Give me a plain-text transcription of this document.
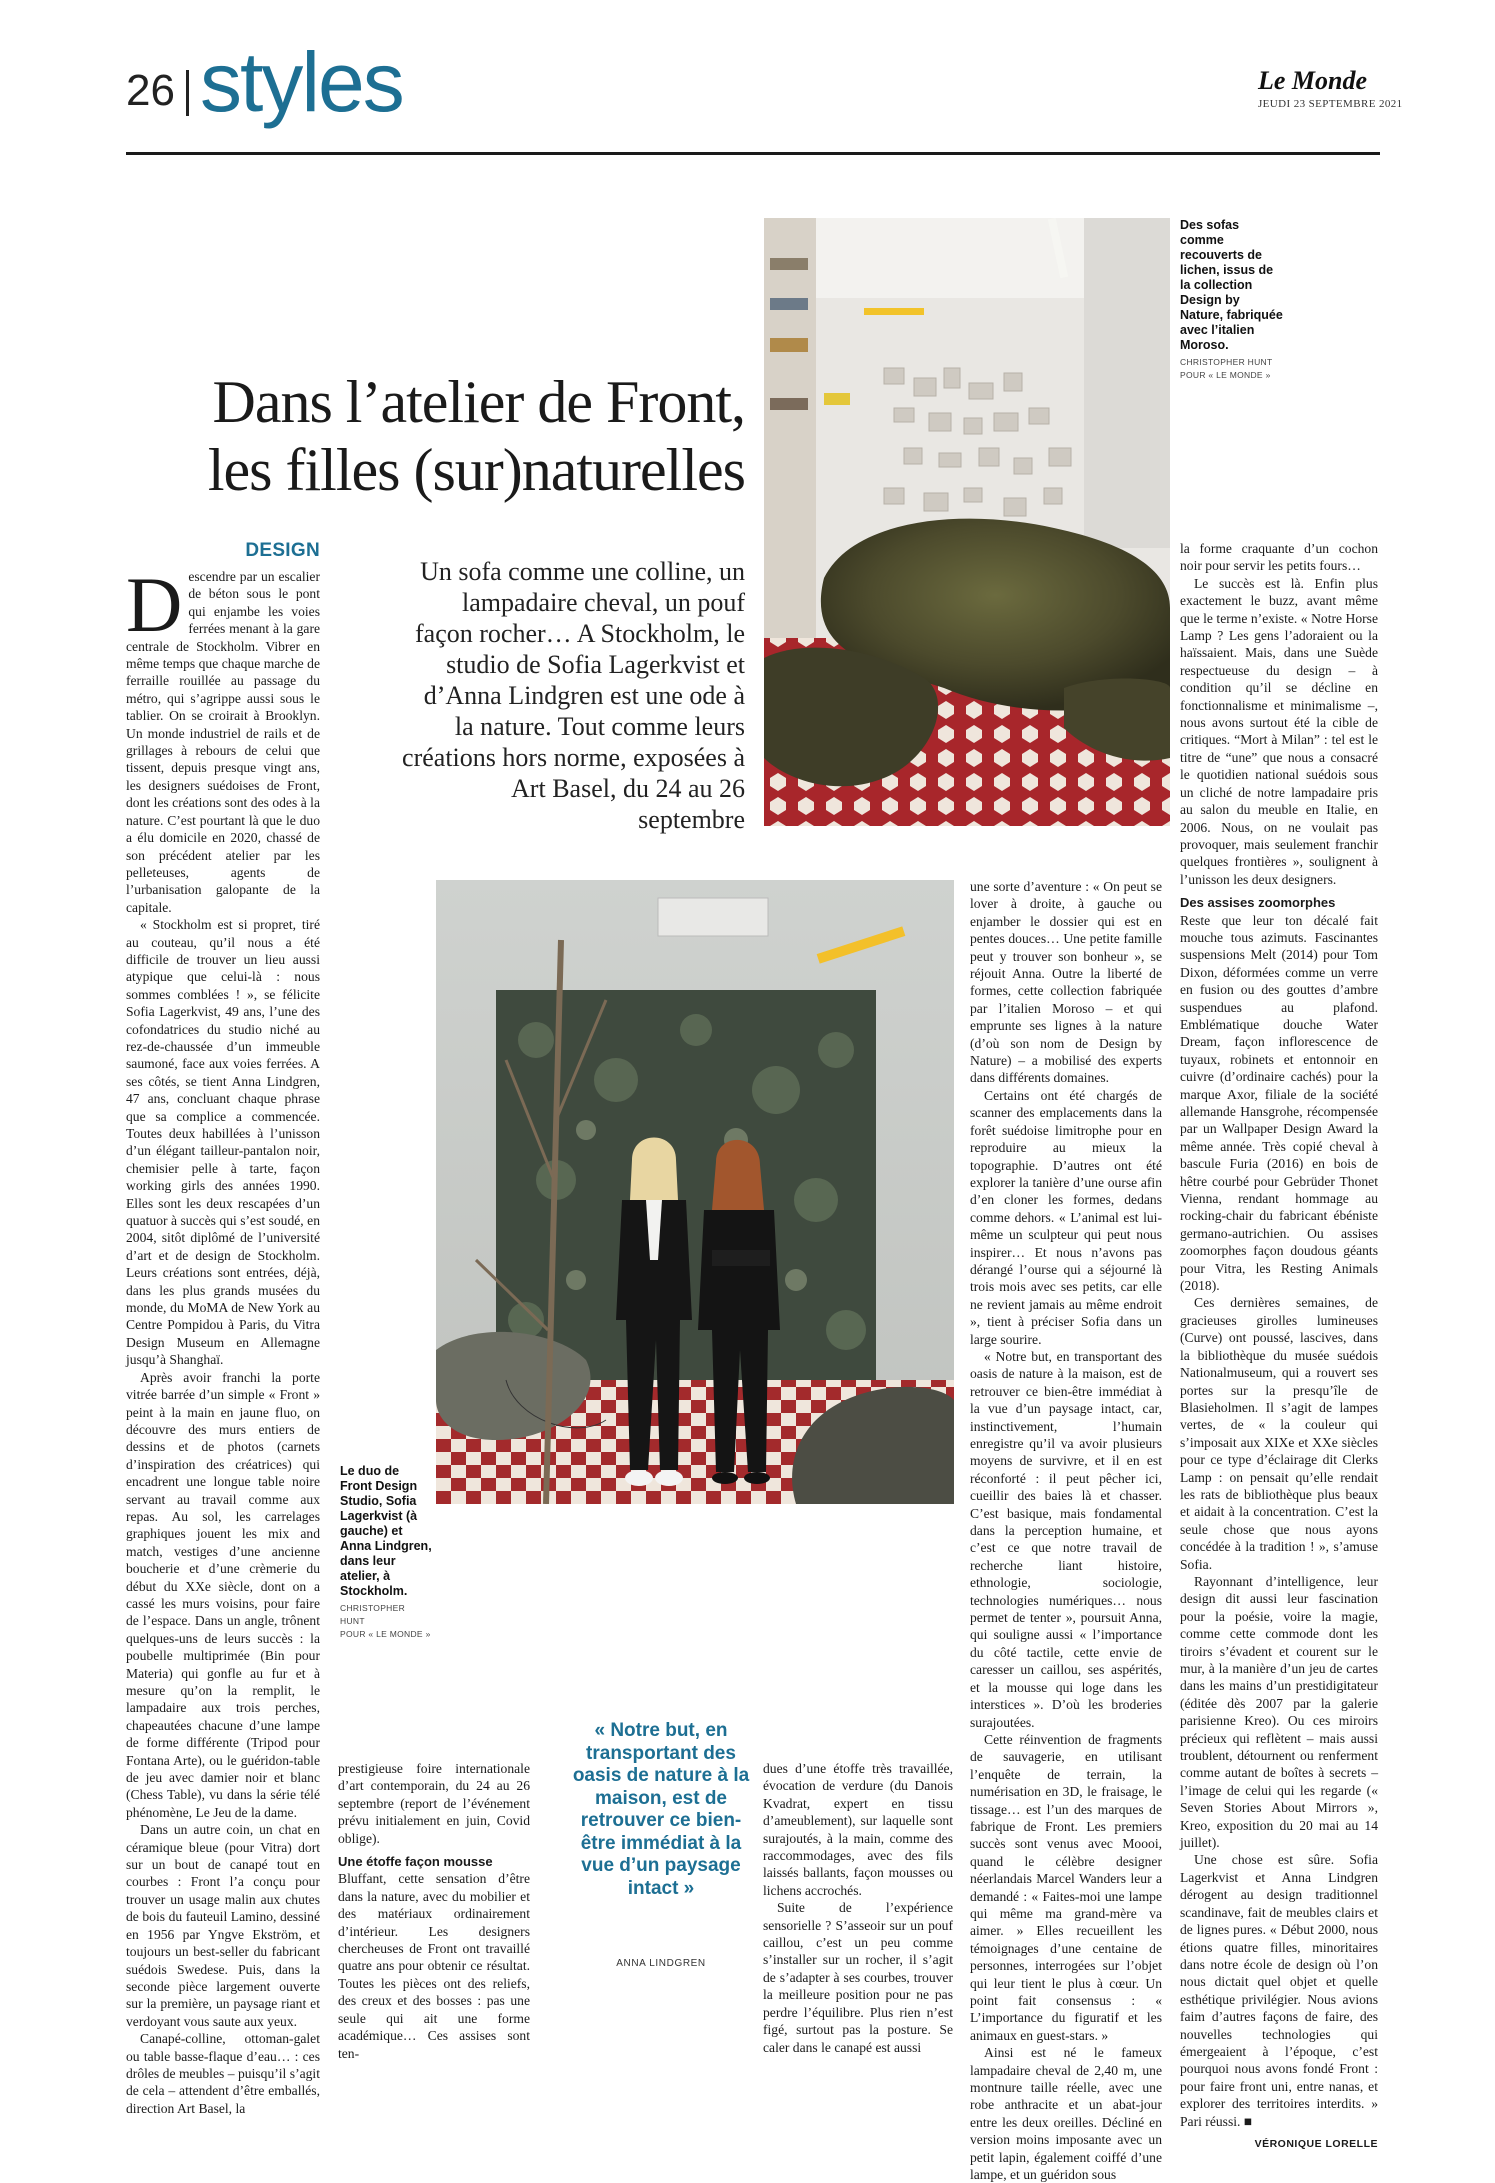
26 styles	Le Monde
JEUDI 23 SEPTEMBRE 2021
Des sofas comme recouverts de lichen, issus de la collection Design by Nature, fabriquée avec l’italien Moroso.
CHRISTOPHER HUNT
POUR « LE MONDE »
Dans l’atelier de Front,
les filles (sur)naturelles
DESIGN
Un sofa comme une colline, un lampadaire cheval, un pouf façon rocher… A Stockholm, le studio de Sofia Lagerkvist et d’Anna Lindgren est une ode à la nature. Tout comme leurs créations hors norme, exposées à Art Basel, du 24 au 26 septembre

Descendre par un escalier de béton sous le pont qui enjambe les voies ferrées menant à la gare centrale de Stockholm. Vibrer en même temps que chaque marche de ferraille rouillée au passage du métro, qui s’agrippe aussi sous le tablier. On se croirait à Brooklyn. Un monde industriel de rails et de grillages à rebours de celui que tissent, depuis presque vingt ans, les designers suédoises de Front, dont les créations sont des odes à la nature. C’est pourtant là que le duo a élu domicile en 2020, chassé de son précédent atelier par les pelleteuses, agents de l’urbanisation galopante de la capitale.

« Stockholm est si propret, tiré au couteau, qu’il nous a été difficile de trouver un lieu aussi atypique que celui-là : nous sommes comblées ! », se félicite Sofia Lagerkvist, 49 ans, l’une des cofondatrices du studio niché au rez-de-chaussée d’un immeuble saumoné, face aux voies ferrées. A ses côtés, se tient Anna Lindgren, 47 ans, concluant chaque phrase que sa complice a commencée. Toutes deux habillées à l’unisson d’un élégant tailleur-pantalon noir, chemisier pelle à tarte, façon working girls des années 1990. Elles sont les deux rescapées d’un quatuor à succès qui s’est soudé, en 2004, sitôt diplômé de l’université d’art et de design de Stockholm. Leurs créations sont entrées, déjà, dans les plus grands musées du monde, du MoMA de New York au Centre Pompidou à Paris, du Vitra Design Museum en Allemagne jusqu’à Shanghaï.

Après avoir franchi la porte vitrée barrée d’un simple « Front » peint à la main en jaune fluo, on découvre des murs entiers de dessins et de photos (carnets d’inspiration des créatrices) qui encadrent une longue table noire servant au travail comme aux repas. Au sol, les carrelages graphiques jouent les mix and match, vestiges d’une ancienne boucherie et d’une crèmerie du début du XXe siècle, dont on a cassé les murs voisins, pour faire de l’espace. Dans un angle, trônent quelques-uns de leurs succès : la poubelle multiprimée (Bin pour Materia) qui gonfle au fur et à mesure qu’on la remplit, le lampadaire aux trois perches, chapeautées chacune d’une lampe de forme différente (Tripod pour Fontana Arte), ou le guéridon-table de jeu avec damier noir et blanc (Chess Table), vu dans la série télé phénomène, Le Jeu de la dame.

Dans un autre coin, un chat en céramique bleue (pour Vitra) dort sur un bout de canapé tout en courbes : Front l’a conçu pour trouver un usage malin aux chutes de bois du fauteuil Lamino, dessiné en 1956 par Yngve Ekström, et toujours un best-seller du fabricant suédois Swedese. Puis, dans la seconde pièce largement ouverte sur la première, un paysage riant et verdoyant vous saute aux yeux.

Canapé-colline, ottoman-galet ou table basse-flaque d’eau… : ces drôles de meubles – puisqu’il s’agit de cela – attendent d’être emballés, direction Art Basel, la

Le duo de Front Design Studio, Sofia Lagerkvist (à gauche) et Anna Lindgren, dans leur atelier, à Stockholm.
CHRISTOPHER HUNT
POUR « LE MONDE »

prestigieuse foire internationale d’art contemporain, du 24 au 26 septembre (report de l’événement prévu initialement en juin, Covid oblige).

Une étoffe façon mousse

Bluffant, cette sensation d’être dans la nature, avec du mobilier et des matériaux ordinairement d’intérieur. Les designers chercheuses de Front ont travaillé quatre ans pour obtenir ce résultat. Toutes les pièces ont des reliefs, des creux et des bosses : pas une seule qui ait une forme académique… Ces assises sont ten-

« Notre but, en transportant des oasis de nature à la maison, est de retrouver ce bien-être immédiat à la vue d’un paysage intact »
ANNA LINDGREN

dues d’une étoffe très travaillée, évocation de verdure (du Danois Kvadrat, expert en tissu d’ameublement), sur laquelle sont surajoutés, à la main, comme des raccommodages, avec des fils laissés ballants, façon mousses ou lichens accrochés.

Suite de l’expérience sensorielle ? S’asseoir sur un pouf caillou, c’est un peu comme s’installer sur un rocher, il s’agit de s’adapter à ses courbes, trouver la meilleure position pour ne pas perdre l’équilibre. Plus rien n’est figé, surtout pas la posture. Se caler dans le canapé est aussi

une sorte d’aventure : « On peut se lover à droite, à gauche ou enjamber le dossier qui est en pentes douces… Une petite famille peut y trouver son bonheur », se réjouit Anna. Outre la liberté de formes, cette collection fabriquée par l’italien Moroso – et qui emprunte ses lignes à la nature (d’où son nom de Design by Nature) – a mobilisé des experts dans différents domaines.

Certains ont été chargés de scanner des emplacements dans la forêt suédoise limitrophe pour en reproduire au mieux la topographie. D’autres ont été explorer la tanière d’une ourse afin d’en cloner les formes, dedans comme dehors. « L’animal est lui-même un sculpteur qui peut nous inspirer… Et nous n’avons pas dérangé l’ourse qui a séjourné là trois mois avec ses petits, car elle ne revient jamais au même endroit », tient à préciser Sofia dans un large sourire.

« Notre but, en transportant des oasis de nature à la maison, est de retrouver ce bien-être immédiat à la vue d’un paysage intact, car, instinctivement, l’humain enregistre qu’il va avoir plusieurs moyens de survivre, et il en est réconforté : il peut pêcher ici, cueillir des baies là et chasser. C’est basique, mais fondamental dans la perception humaine, et c’est ce que notre travail de recherche liant histoire, ethnologie, sociologie, technologies numériques… nous permet de tenter », poursuit Anna, qui souligne aussi « l’importance du côté tactile, cette envie de caresser un caillou, ses aspérités, et la mousse qui loge dans les interstices ». D’où les broderies surajoutées.

Cette réinvention de fragments de sauvagerie, en utilisant l’enquête de terrain, la numérisation en 3D, le fraisage, le tissage… est l’un des marques de fabrique de Front. Les premiers succès sont venus avec Moooi, quand le célèbre designer néerlandais Marcel Wanders leur a demandé : « Faites-moi une lampe qui même ma grand-mère va aimer. » Elles recueillent les témoignages d’une centaine de personnes, interrogées sur l’objet qui leur tient le plus à cœur. Un point fait consensus : « L’importance du figuratif et les animaux en guest-stars. »

Ainsi est né le fameux lampadaire cheval de 2,40 m, une montnure taille réelle, avec une robe anthracite et un abat-jour entre les deux oreilles. Décliné en version moins imposante avec un petit lapin, également coiffé d’une lampe, et un guéridon sous

la forme craquante d’un cochon noir pour servir les petits fours…

Le succès est là. Enfin plus exactement le buzz, avant même que le terme n’existe. « Notre Horse Lamp ? Les gens l’adoraient ou la haïssaient. Mais, dans une Suède respectueuse du design – à condition qu’il se décline en fonctionnalisme et minimalisme –, nous avons surtout été la cible de critiques. “Mort à Milan” : tel est le titre de “une” que nous a consacré le quotidien national suédois sous un cliché de notre lampadaire pris au salon du meuble en Italie, en 2006. Nous, on ne voulait pas provoquer, mais seulement franchir quelques frontières », soulignent à l’unisson les deux designers.

Des assises zoomorphes

Reste que leur ton décalé fait mouche tous azimuts. Fascinantes suspensions Melt (2014) pour Tom Dixon, déformées comme un verre en fusion ou des gouttes d’ambre suspendues au plafond. Emblématique douche Water Dream, façon inflorescence de tuyaux, robinets et entonnoir en cuivre (d’ordinaire cachés) pour la marque Axor, filiale de la société allemande Hansgrohe, récompensée par un Wallpaper Design Award la même année. Très copié cheval à bascule Furia (2016) en bois de hêtre courbé pour Gebrüder Thonet Vienna, rendant hommage au rocking-chair du fabricant ébéniste germano-autrichien. Ou assises zoomorphes façon doudous géants pour Vitra, les Resting Animals (2018).

Ces dernières semaines, de gracieuses girolles lumineuses (Curve) ont poussé, lascives, dans la bibliothèque du musée suédois Nationalmuseum, qui a rouvert ses portes sur la presqu’île de Blasieholmen. Il s’agit de lampes vertes, de « la couleur qui s’imposait aux XIXe et XXe siècles pour ce type d’éclairage dit Clerks Lamp : on pensait qu’elle rendait les rats de bibliothèque plus beaux et aidait à la concentration. C’est la seule chose que nous ayons concédée à la tradition ! », s’amuse Sofia.

Rayonnant d’intelligence, leur design dit aussi leur fascination pour la poésie, voire la magie, comme cette commode dont les tiroirs s’évadent et courent sur le mur, à la manière d’un jeu de cartes dans les mains d’un prestidigitateur (éditée dès 2007 par la galerie parisienne Kreo). Ou ces miroirs précieux qui reflètent – mais aussi troublent, détournent ou renferment comme autant de boîtes à secrets – l’image de celui qui les regarde (« Seven Stories About Mirrors », Kreo, exposition du 20 mai au 14 juillet).

Une chose est sûre. Sofia Lagerkvist et Anna Lindgren dérogent au design traditionnel scandinave, fait de meubles clairs et de lignes pures. « Début 2000, nous étions quatre filles, minoritaires dans notre école de design où l’on nous dictait quel objet et quelle esthétique privilégier. Nous avions faim d’autres façons de faire, des nouvelles technologies qui émergeaient à l’époque, c’est pourquoi nous avons fondé Front : pour faire front uni, entre nanas, et explorer des territoires interdits. » Pari réussi. ■

VÉRONIQUE LORELLE
